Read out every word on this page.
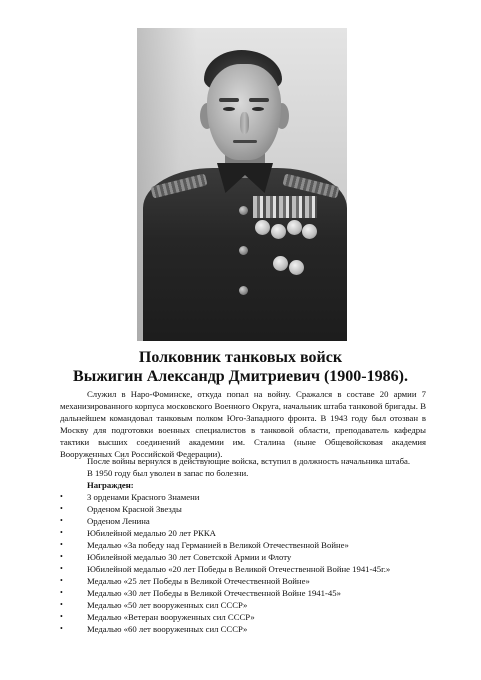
Полковник танковых войск
Выжигин Александр Дмитриевич (1900-1986).

Служил в Наро-Фоминске, откуда попал на войну. Сражался в составе 20 армии 7 механизированного корпуса московского Военного Округа, начальник штаба танковой бригады. В дальнейшем командовал танковым полком Юго-Западного фронта. В 1943 году был отозван в Москву для подготовки военных специалистов в танковой области, преподаватель кафедры тактики высших соединений академии им. Сталина (ныне Общевойсковая академия Вооруженных Сил Российской Федерации).

После войны вернулся в действующие войска, вступил в должность начальника штаба.
В 1950 году был уволен в запас по болезни.
Награжден:
•	3 орденами Красного Знамени
•	Орденом Красной Звезды
•	Орденом Ленина
•	Юбилейной медалью 20 лет РККА
•	Медалью «За победу над Германией в Великой Отечественной Войне»
•	Юбилейной медалью 30 лет Советской Армии и Флоту
•	Юбилейной медалью «20 лет Победы в Великой Отечественной Войне 1941-45г.»
•	Медалью «25 лет Победы в Великой Отечественной Войне»
•	Медалью «30 лет Победы в Великой Отечественной Войне 1941-45»
•	Медалью «50 лет вооруженных сил СССР»
•	Медалью «Ветеран вооруженных сил СССР»
•	Медалью «60 лет вооруженных сил СССР»
